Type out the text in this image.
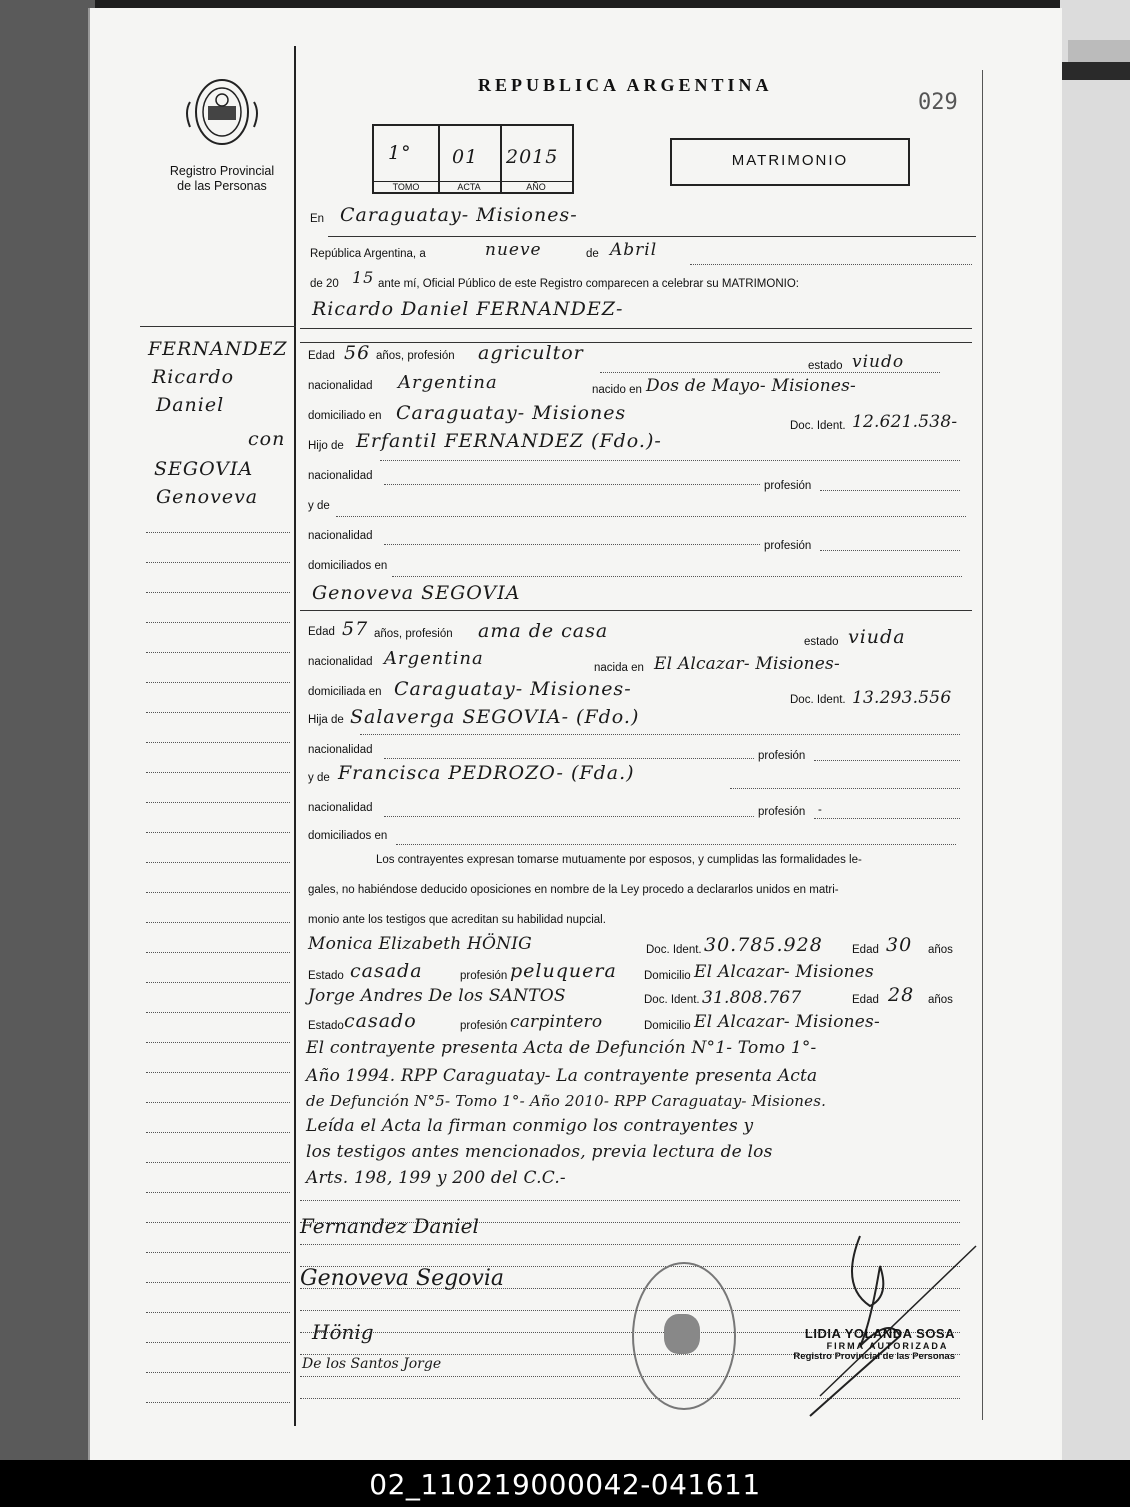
Registro Provincial
de las Personas
REPUBLICA ARGENTINA
029
1°
TOMO
01
ACTA
2015
AÑO
MATRIMONIO
En Caraguatay- Misiones-
República Argentina, a	nueve	de Abril
de 20 15 ante mí, Oficial Público de este Registro comparecen a celebrar su MATRIMONIO:
Ricardo Daniel FERNANDEZ-
FERNANDEZ
Ricardo
Daniel
con
SEGOVIA
Genoveva
Edad 56 años, profesión agricultor
estado viudo
nacionalidad Argentina	nacido en Dos de Mayo- Misiones-
domiciliado en Caraguatay- Misiones
Doc. Ident. 12.621.538-
Hijo de Erfantil FERNANDEZ (Fdo.)-
nacionalidad
profesión
y de
nacionalidad
profesión
domiciliados en
Genoveva SEGOVIA
Edad 57 años, profesión ama de casa	estado viuda
nacionalidad Argentina	nacida en El Alcazar- Misiones-
domiciliada en Caraguatay- Misiones-	Doc. Ident. 13.293.556
Hija de Salaverga SEGOVIA- (Fdo.)
nacionalidad	profesión
y de Francisca PEDROZO- (Fda.)
nacionalidad	profesión -
domiciliados en
Los contrayentes expresan tomarse mutuamente por esposos, y cumplidas las formalidades le-
gales, no habiéndose deducido oposiciones en nombre de la Ley procedo a declararlos unidos en matri-
monio ante los testigos que acreditan su habilidad nupcial.
Monica Elizabeth HÖNIG	Doc. Ident. 30.785.928	Edad 30 años
Estado casada	profesión peluquera Domicilio El Alcazar- Misiones
Jorge Andres De los SANTOS	Doc. Ident. 31.808.767	Edad 28 años
Estado casado	profesión carpintero	Domicilio El Alcazar- Misiones-
El contrayente presenta Acta de Defunción N°1- Tomo 1°-
Año 1994. RPP Caraguatay- La contrayente presenta Acta
de Defunción N°5- Tomo 1°- Año 2010- RPP Caraguatay- Misiones.
Leída el Acta la firman conmigo los contrayentes y
los testigos antes mencionados, previa lectura de los
Arts. 198, 199 y 200 del C.C.-
Fernandez Daniel
Genoveva Segovia
Hönig
De los Santos Jorge
LIDIA YOLANDA SOSA
FIRMA AUTORIZADA
Registro Provincial de las Personas
02_110219000042-041611
